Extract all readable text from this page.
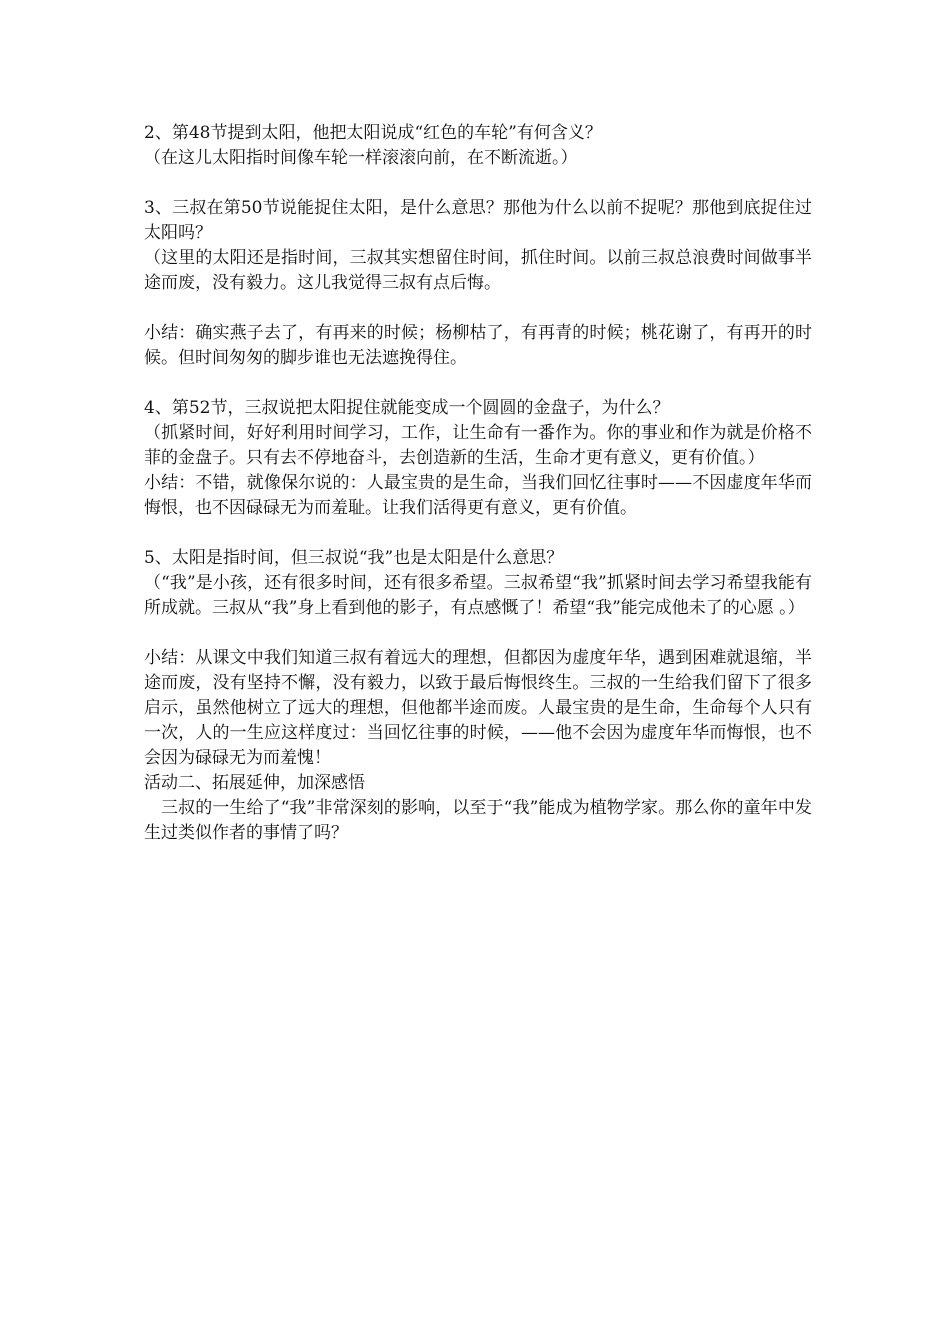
2、第48节提到太阳，他把太阳说成“红色的车轮”有何含义？

（在这儿太阳指时间像车轮一样滚滚向前，在不断流逝。）

3、三叔在第50节说能捉住太阳，是什么意思？那他为什么以前不捉呢？那他到底捉住过太阳吗？

（这里的太阳还是指时间，三叔其实想留住时间，抓住时间。以前三叔总浪费时间做事半途而废，没有毅力。这儿我觉得三叔有点后悔。

小结：确实燕子去了，有再来的时候；杨柳枯了，有再青的时候；桃花谢了，有再开的时候。但时间匆匆的脚步谁也无法遮挽得住。

4、第52节，三叔说把太阳捉住就能变成一个圆圆的金盘子，为什么？

（抓紧时间，好好利用时间学习，工作，让生命有一番作为。你的事业和作为就是价格不菲的金盘子。只有去不停地奋斗，去创造新的生活，生命才更有意义，更有价值。）

小结：不错，就像保尔说的：人最宝贵的是生命，当我们回忆往事时——不因虚度年华而悔恨，也不因碌碌无为而羞耻。让我们活得更有意义，更有价值。

5、太阳是指时间，但三叔说“我”也是太阳是什么意思？

（“我”是小孩，还有很多时间，还有很多希望。三叔希望“我”抓紧时间去学习希望我能有所成就。三叔从“我”身上看到他的影子，有点感慨了！希望“我”能完成他未了的心愿 。）

小结：从课文中我们知道三叔有着远大的理想，但都因为虚度年华，遇到困难就退缩，半途而废，没有坚持不懈，没有毅力，以致于最后悔恨终生。三叔的一生给我们留下了很多启示，虽然他树立了远大的理想，但他都半途而废。人最宝贵的是生命，生命每个人只有一次，人的一生应这样度过：当回忆往事的时候，——他不会因为虚度年华而悔恨，也不会因为碌碌无为而羞愧！

活动二、拓展延伸，加深感悟

三叔的一生给了“我”非常深刻的影响，以至于“我”能成为植物学家。那么你的童年中发生过类似作者的事情了吗？
